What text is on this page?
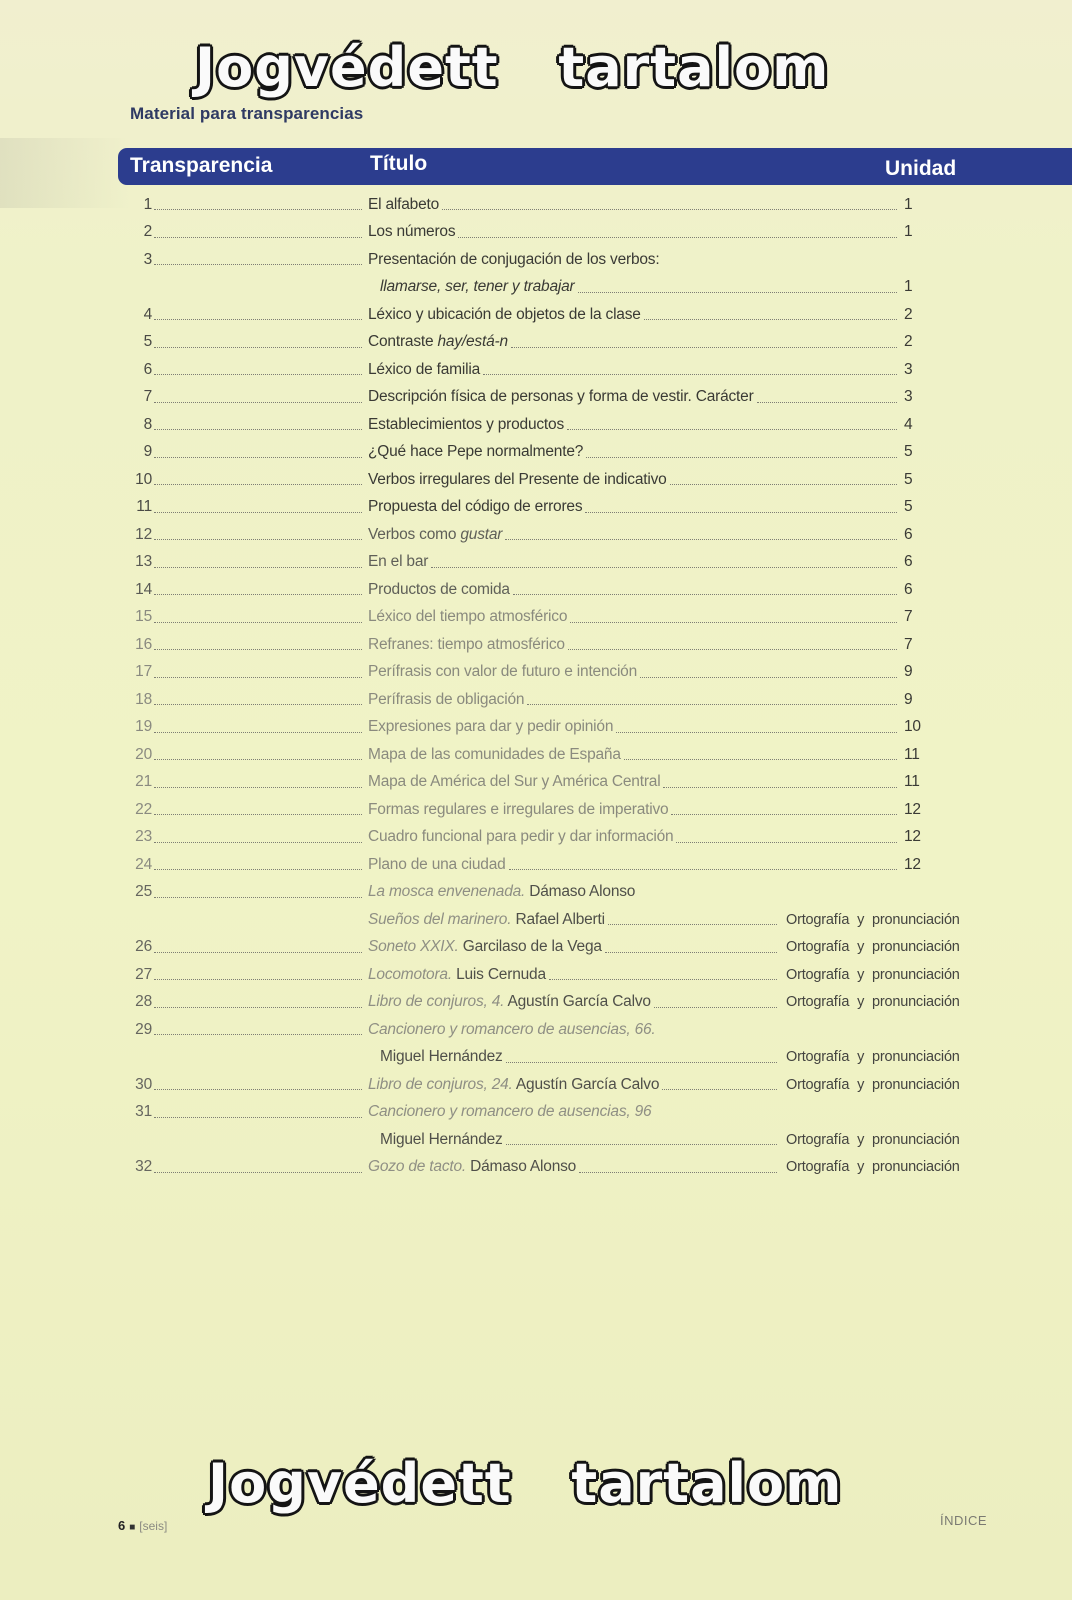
Material para transparencias
Transparencia	Título	Unidad
1	El alfabeto	1
2	Los números	1
3	Presentación de conjugación de los verbos:
llamarse, ser, tener y trabajar	1
4	Léxico y ubicación de objetos de la clase	2
5	Contraste hay/está-n	2
6	Léxico de familia	3
7	Descripción física de personas y forma de vestir. Carácter	3
8	Establecimientos y productos	4
9	¿Qué hace Pepe normalmente?	5
10	Verbos irregulares del Presente de indicativo	5
11	Propuesta del código de errores	5
12	Verbos como gustar	6
13	En el bar	6
14	Productos de comida	6
15	Léxico del tiempo atmosférico	7
16	Refranes: tiempo atmosférico	7
17	Perífrasis con valor de futuro e intención	9
18	Perífrasis de obligación	9
19	Expresiones para dar y pedir opinión	10
20	Mapa de las comunidades de España	11
21	Mapa de América del Sur y América Central	11
22	Formas regulares e irregulares de imperativo	12
23	Cuadro funcional para pedir y dar información	12
24	Plano de una ciudad	12
25	La mosca envenenada. Dámaso Alonso
Sueños del marinero. Rafael Alberti	Ortografía y pronunciación
26	Soneto XXIX. Garcilaso de la Vega	Ortografía y pronunciación
27	Locomotora. Luis Cernuda	Ortografía y pronunciación
28	Libro de conjuros, 4. Agustín García Calvo	Ortografía y pronunciación
29	Cancionero y romancero de ausencias, 66.
Miguel Hernández	Ortografía y pronunciación
30	Libro de conjuros, 24. Agustín García Calvo	Ortografía y pronunciación
31	Cancionero y romancero de ausencias, 96
Miguel Hernández	Ortografía y pronunciación
32	Gozo de tacto. Dámaso Alonso	Ortografía y pronunciación
6 ■ [seis]	ÍNDICE
Jogvédett tartalom
Jogvédett tartalom
